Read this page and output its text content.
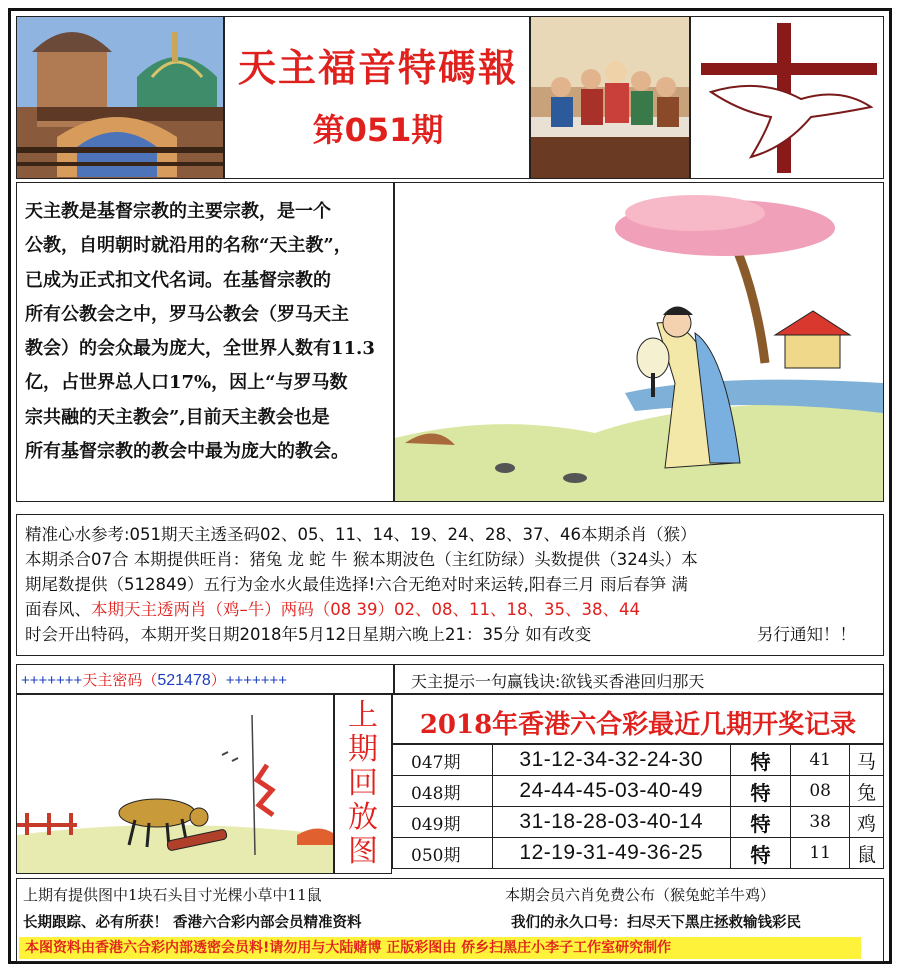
天主福音特碼報
第051期

天主教是基督宗教的主要宗教，是一个

公教，自明朝时就沿用的名称“天主教”，

已成为正式扣文代名词。在基督宗教的

所有公教会之中，罗马公教会（罗马天主

教会）的会众最为庞大，全世界人数有11.3

亿，占世界总人口17%，因上“与罗马数

宗共融的天主教会”,目前天主教会也是

所有基督宗教的教会中最为庞大的教会。

精准心水参考:051期天主透圣码02、05、11、14、19、24、28、37、46本期杀肖（猴）
本期杀合07合 本期提供旺肖：猪兔 龙 蛇 牛 猴本期波色（主红防绿）头数提供（324头）本
期尾数提供（512849）五行为金水火最佳选择!六合无绝对时来运转,阳春三月 雨后春笋 满
面春风、本期天主透两肖（鸡–牛）两码（08 39）02、08、11、18、35、38、44
时会开出特码，本期开奖日期2018年5月12日星期六晚上21：35分 如有改变	另行通知！！
+++++++天主密码（521478）+++++++	天主提示一句赢钱诀:欲钱买香港回归那天
上
期
回
放
图
2018年香港六合彩最近几期开奖记录
047期	31-12-34-32-24-30	特	41	马
048期	24-44-45-03-40-49	特	08	兔
049期	31-18-28-03-40-14	特	38	鸡
050期	12-19-31-49-36-25	特	11	鼠
上期有提供图中1块石头目寸光棵小草中11鼠	本期会员六肖免费公布（猴兔蛇羊牛鸡）
长期跟踪、必有所获！ 香港六合彩内部会员精准资料	我们的永久口号：扫尽天下黑庄拯救输钱彩民
本图资料由香港六合彩内部透密会员料!请勿用与大陆赌博 正版彩图由 侨乡扫黑庄小李子工作室研究制作
